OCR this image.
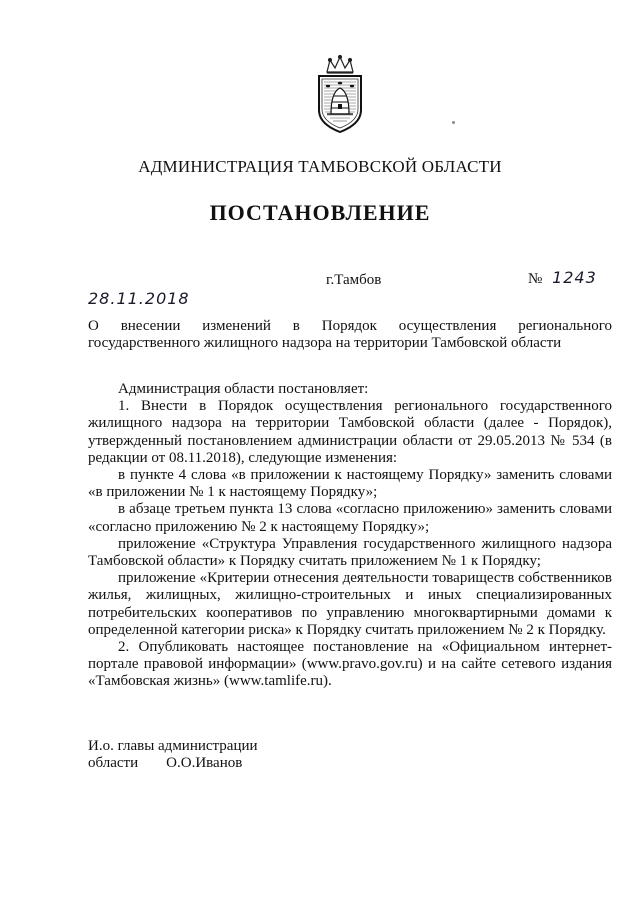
АДМИНИСТРАЦИЯ ТАМБОВСКОЙ ОБЛАСТИ
ПОСТАНОВЛЕНИЕ
г.Тамбов	№ 1243
28.11.2018
О внесении изменений в Порядок осуществления регионального государственного жилищного надзора на территории Тамбовской области

Администрация области постановляет:

1. Внести в Порядок осуществления регионального государственного жилищного надзора на территории Тамбовской области (далее - Порядок), утвержденный постановлением администрации области от 29.05.2013 № 534 (в редакции от 08.11.2018), следующие изменения:

в пункте 4 слова «в приложении к настоящему Порядку» заменить словами «в приложении № 1 к настоящему Порядку»;

в абзаце третьем пункта 13 слова «согласно приложению» заменить словами «согласно приложению № 2 к настоящему Порядку»;

приложение «Структура Управления государственного жилищного надзора Тамбовской области» к Порядку считать приложением № 1 к Порядку;

приложение «Критерии отнесения деятельности товариществ собственников жилья, жилищных, жилищно-строительных и иных специализированных потребительских кооперативов по управлению многоквартирными домами к определенной категории риска» к Порядку считать приложением № 2 к Порядку.

2. Опубликовать настоящее постановление на «Официальном интернет-портале правовой информации» (www.pravo.gov.ru) и на сайте сетевого издания «Тамбовская жизнь» (www.tamlife.ru).

И.о. главы администрации
области О.О.Иванов
